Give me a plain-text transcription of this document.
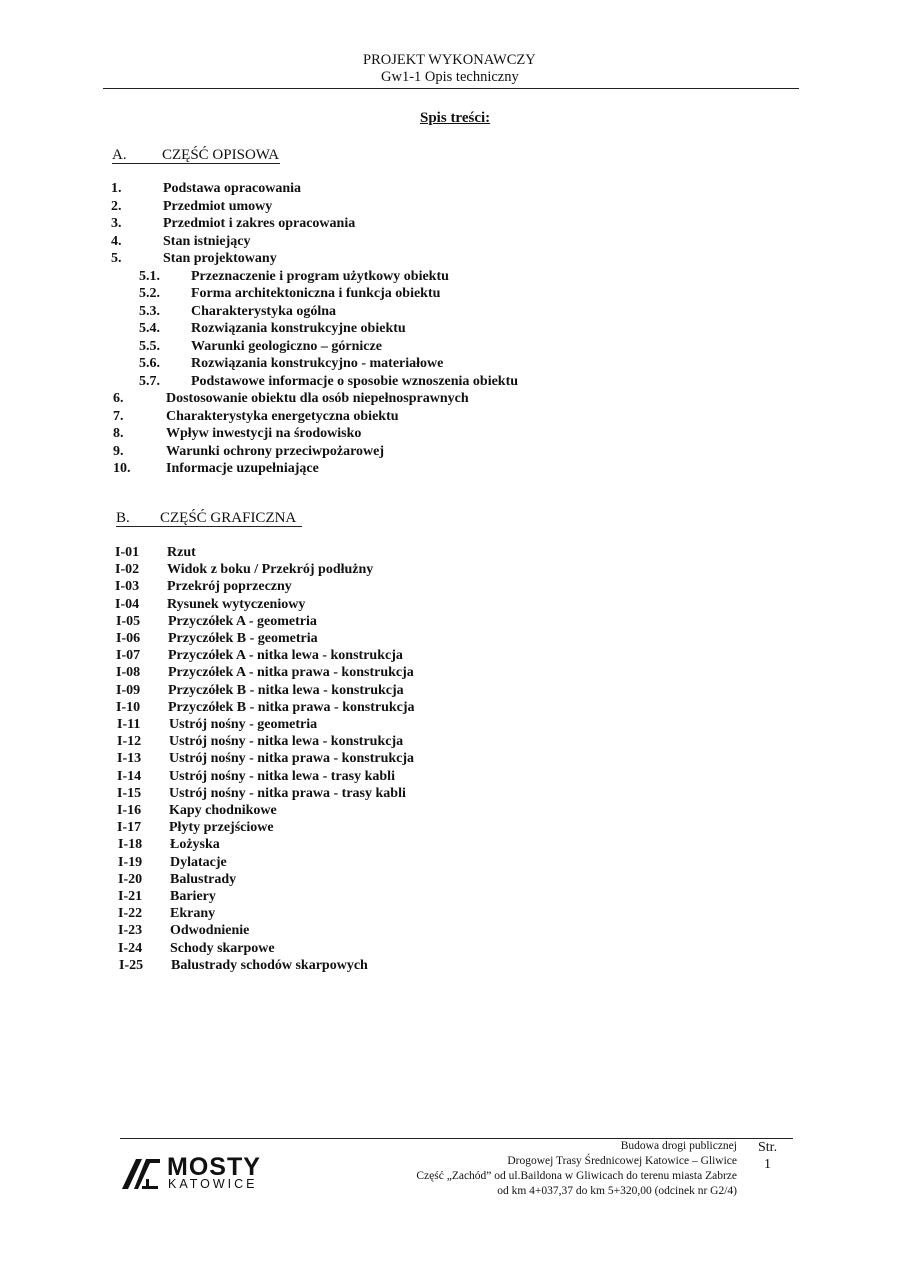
PROJEKT WYKONAWCZY
Gw1-1 Opis techniczny
Spis treści:
A. CZĘŚĆ OPISOWA
1.	Podstawa opracowania
2.	Przedmiot umowy
3.	Przedmiot i zakres opracowania
4.	Stan istniejący
5.	Stan projektowany
5.1. Przeznaczenie i program użytkowy obiektu
5.2. Forma architektoniczna i funkcja obiektu
5.3. Charakterystyka ogólna
5.4. Rozwiązania konstrukcyjne obiektu
5.5. Warunki geologiczno – górnicze
5.6. Rozwiązania konstrukcyjno - materiałowe
5.7. Podstawowe informacje o sposobie wznoszenia obiektu
6.	Dostosowanie obiektu dla osób niepełnosprawnych
7.	Charakterystyka energetyczna obiektu
8.	Wpływ inwestycji na środowisko
9.	Warunki ochrony przeciwpożarowej
10.	Informacje uzupełniające
B. CZĘŚĆ GRAFICZNA
I-01 Rzut
I-02 Widok z boku / Przekrój podłużny
I-03 Przekrój poprzeczny
I-04 Rysunek wytyczeniowy
I-05 Przyczółek A - geometria
I-06 Przyczółek B - geometria
I-07 Przyczółek A - nitka lewa - konstrukcja
I-08 Przyczółek A - nitka prawa - konstrukcja
I-09 Przyczółek B - nitka lewa - konstrukcja
I-10 Przyczółek B - nitka prawa - konstrukcja
I-11 Ustrój nośny - geometria
I-12 Ustrój nośny - nitka lewa - konstrukcja
I-13 Ustrój nośny - nitka prawa - konstrukcja
I-14 Ustrój nośny - nitka lewa - trasy kabli
I-15 Ustrój nośny - nitka prawa - trasy kabli
I-16 Kapy chodnikowe
I-17 Płyty przejściowe
I-18 Łożyska
I-19 Dylatacje
I-20 Balustrady
I-21 Bariery
I-22 Ekrany
I-23 Odwodnienie
I-24 Schody skarpowe
I-25 Balustrady schodów skarpowych
MOSTY
KATOWICE
Budowa drogi publicznej
Drogowej Trasy Średnicowej Katowice – Gliwice
Część „Zachód” od ul.Baildona w Gliwicach do terenu miasta Zabrze
od km 4+037,37 do km 5+320,00 (odcinek nr G2/4)
Str.
1
